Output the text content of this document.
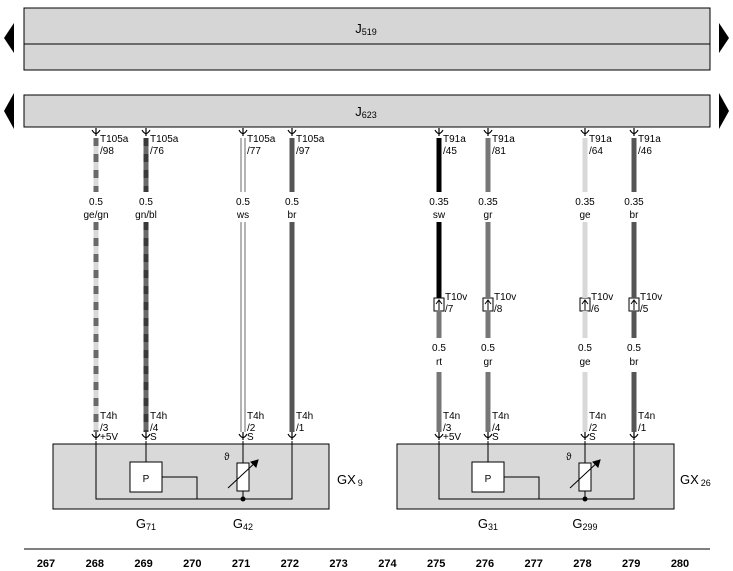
J519
J623
T105a /98
0.5
ge/gn
T4h /3
+5V
T105a /76
0.5
gn/bl
T4h /4
S
T105a /77
0.5
ws
T4h /2
S
T105a /97
0.5
br
T4h /1
T91a /45
T10v /7
0.5
rt
0.35
sw
T4n /3
+5V
T91a /81
T10v /8
0.5
gr
0.35
gr
T4n /4
S
T91a /64
T10v /6
0.5
ge
0.35
ge
T4n /2
S
T91a /46
T10v /5
0.5
br
0.35
br
T4n /1
GX 9	GX 26
P
ϑ
P
ϑ
G71	G42	G31	G299
267	268	269	270	271	272	273	274	275	276	277	278	279	280
